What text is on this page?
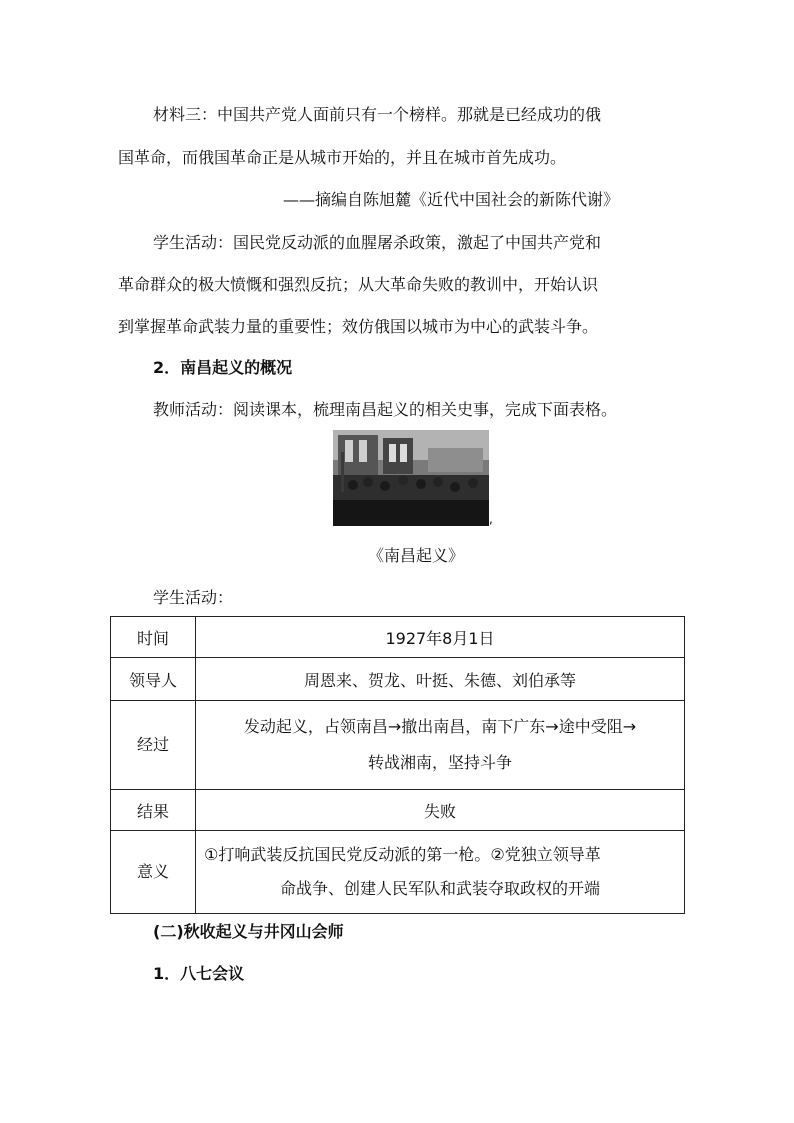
材料三：中国共产党人面前只有一个榜样。那就是已经成功的俄
国革命，而俄国革命正是从城市开始的，并且在城市首先成功。
——摘编自陈旭麓《近代中国社会的新陈代谢》
学生活动：国民党反动派的血腥屠杀政策，激起了中国共产党和
革命群众的极大愤慨和强烈反抗；从大革命失败的教训中，开始认识
到掌握革命武装力量的重要性；效仿俄国以城市为中心的武装斗争。
2．南昌起义的概况
教师活动：阅读课本，梳理南昌起义的相关史事，完成下面表格。
,
《南昌起义》
学生活动：
时间	1927年8月1日
领导人	周恩来、贺龙、叶挺、朱德、刘伯承等
经过	发动起义，占领南昌→撤出南昌，南下广东→途中受阻→
转战湘南，坚持斗争

结果	失败
意义	①打响武装反抗国民党反动派的第一枪。②党独立领导革
命战争、创建人民军队和武装夺取政权的开端
(二)秋收起义与井冈山会师
1．八七会议
